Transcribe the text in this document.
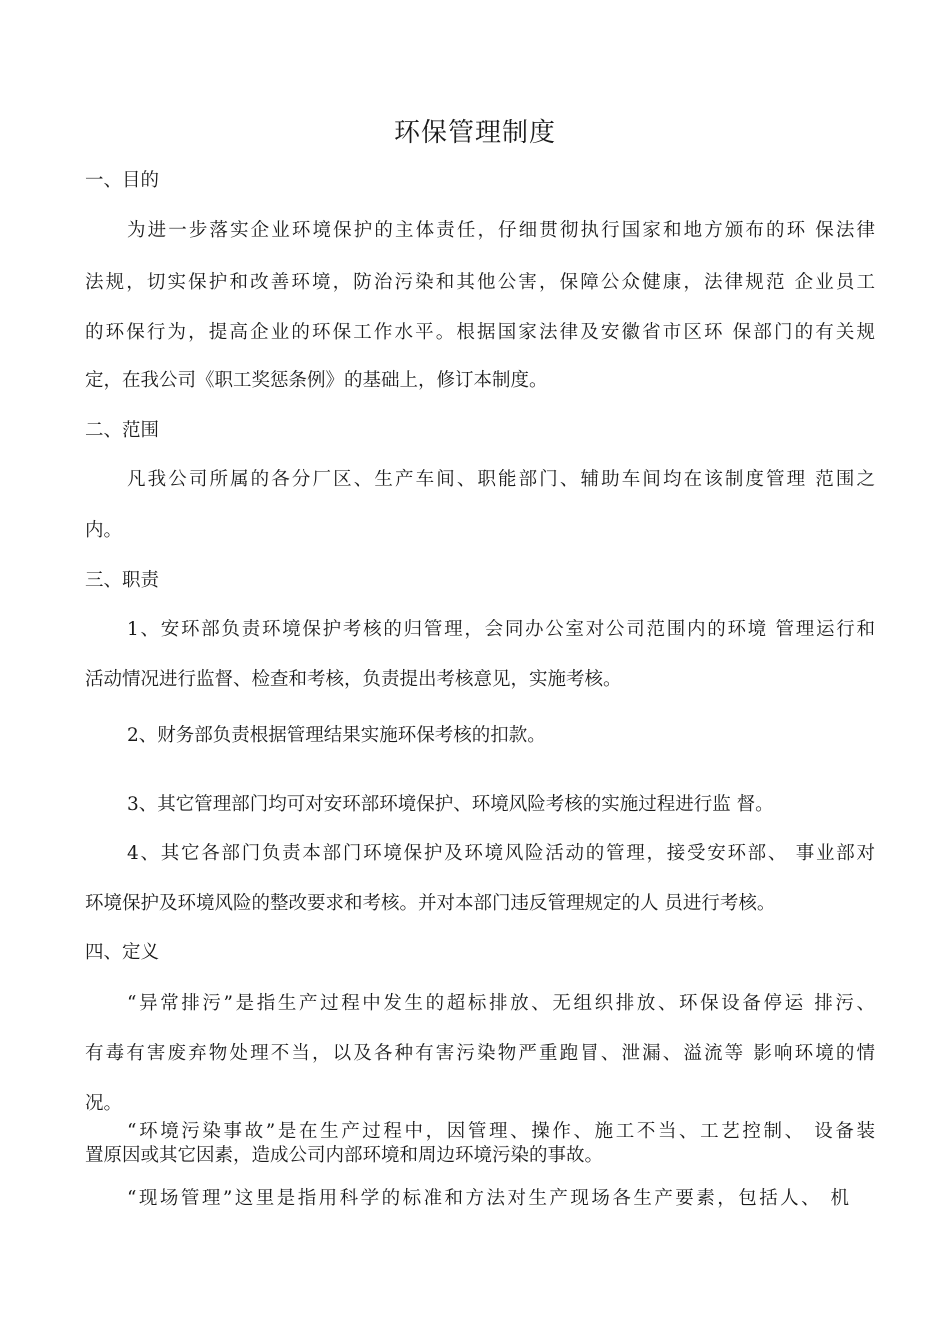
环保管理制度
一、目的
为进一步落实企业环境保护的主体责任，仔细贯彻执行国家和地方颁布的环 保法律
法规，切实保护和改善环境，防治污染和其他公害，保障公众健康，法律规范 企业员工
的环保行为，提高企业的环保工作水平。根据国家法律及安徽省市区环 保部门的有关规
定，在我公司《职工奖惩条例》的基础上，修订本制度。
二、范围
凡我公司所属的各分厂区、生产车间、职能部门、辅助车间均在该制度管理 范围之
内。
三、职责
1、安环部负责环境保护考核的归管理，会同办公室对公司范围内的环境 管理运行和
活动情况进行监督、检查和考核，负责提出考核意见，实施考核。
2、财务部负责根据管理结果实施环保考核的扣款。
3、其它管理部门均可对安环部环境保护、环境风险考核的实施过程进行监 督。
4、其它各部门负责本部门环境保护及环境风险活动的管理，接受安环部、 事业部对
环境保护及环境风险的整改要求和考核。并对本部门违反管理规定的人 员进行考核。
四、定义
“异常排污”是指生产过程中发生的超标排放、无组织排放、环保设备停运 排污、
有毒有害废弃物处理不当，以及各种有害污染物严重跑冒、泄漏、溢流等 影响环境的情
况。
“环境污染事故”是在生产过程中，因管理、操作、施工不当、工艺控制、 设备装
置原因或其它因素，造成公司内部环境和周边环境污染的事故。
“现场管理”这里是指用科学的标准和方法对生产现场各生产要素，包括人、 机
